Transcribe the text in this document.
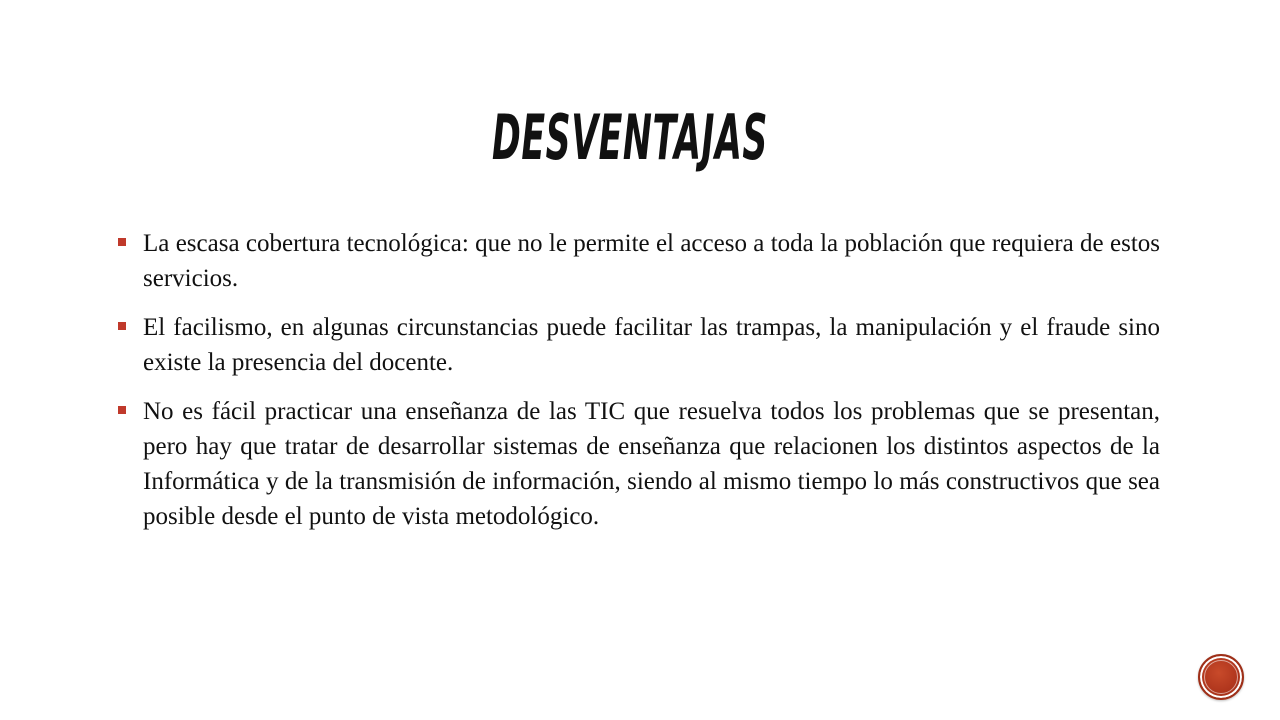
DESVENTAJAS
La escasa cobertura tecnológica: que no le permite el acceso a toda la población que requiera de estos servicios.
El facilismo, en algunas circunstancias puede facilitar las trampas, la manipulación y el fraude sino existe la presencia del docente.
No es fácil practicar una enseñanza de las TIC que resuelva todos los problemas que se presentan, pero hay que tratar de desarrollar sistemas de enseñanza que relacionen los distintos aspectos de la Informática y de la transmisión de información, siendo al mismo tiempo lo más constructivos que sea posible desde el punto de vista metodológico.
